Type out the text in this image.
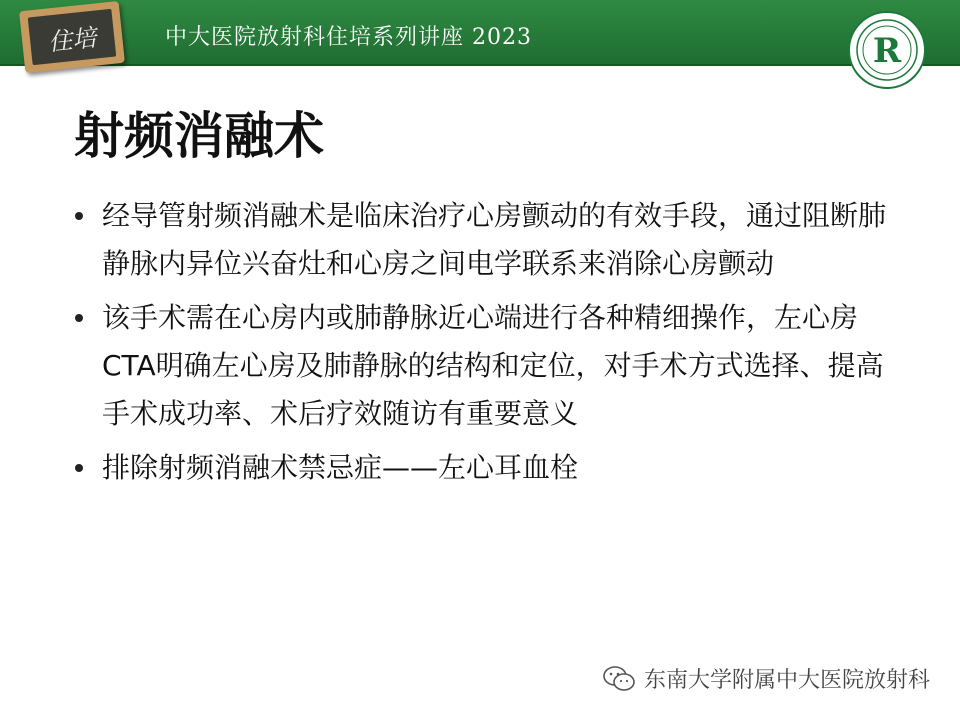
住培	中大医院放射科住培系列讲座 2023	R
射频消融术
经导管射频消融术是临床治疗心房颤动的有效手段，通过阻断肺静脉内异位兴奋灶和心房之间电学联系来消除心房颤动
该手术需在心房内或肺静脉近心端进行各种精细操作，左心房CTA明确左心房及肺静脉的结构和定位，对手术方式选择、提高手术成功率、术后疗效随访有重要意义
排除射频消融术禁忌症——左心耳血栓
东南大学附属中大医院放射科
